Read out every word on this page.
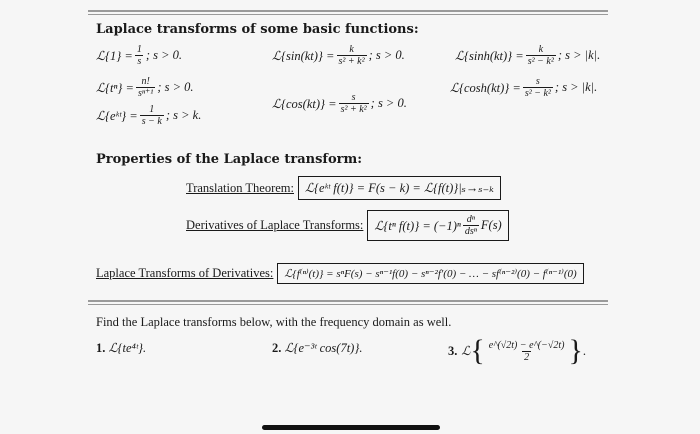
Laplace transforms of some basic functions:
ℒ{1} = $\frac{1}{s}$ ; s > 0.
ℒ{tⁿ} = $\frac{n!}{\text{sⁿ⁺¹}}$ ; s > 0.
ℒ{eᵏᵗ} = $\frac{1}{s - k}$ ; s > k.
ℒ{sin(kt)} = $\frac{k}{\text{s² + k²}}$ ; s > 0.
ℒ{cos(kt)} = $\frac{s}{\text{s² + k²}}$ ; s > 0.
ℒ{sinh(kt)} = $\frac{k}{\text{s² − k²}}$ ; s > |k|.
ℒ{cosh(kt)} = $\frac{s}{\text{s² − k²}}$ ; s > |k|.
Properties of the Laplace transform:
Translation Theorem: ℒ{eᵏᵗ f(t)} = F(s − k) = ℒ{f(t)}|ₛ→ₛ₋ₖ
Derivatives of Laplace Transforms: ℒ{tⁿ $f(t)\} = (-1)^n \frac{\text{dⁿ}}{\text{dsⁿ}} F(s)$
Laplace Transforms of Derivatives:	ℒ{f⁽ⁿ⁾(t)} = sⁿF(s) − sⁿ⁻¹f(0) − sⁿ⁻²f′(0) − … − sf⁽ⁿ⁻²⁾(0) − f⁽ⁿ⁻¹⁾(0)
Find the Laplace transforms below, with the frequency domain as well.
1. ℒ{te⁴ᵗ}.	2. ℒ{e⁻³ᵗ cos(7t)}.	3. ℒ { $\frac{e\^{}(√2t) - e\^{}(-√2t)}{2}$ } .
